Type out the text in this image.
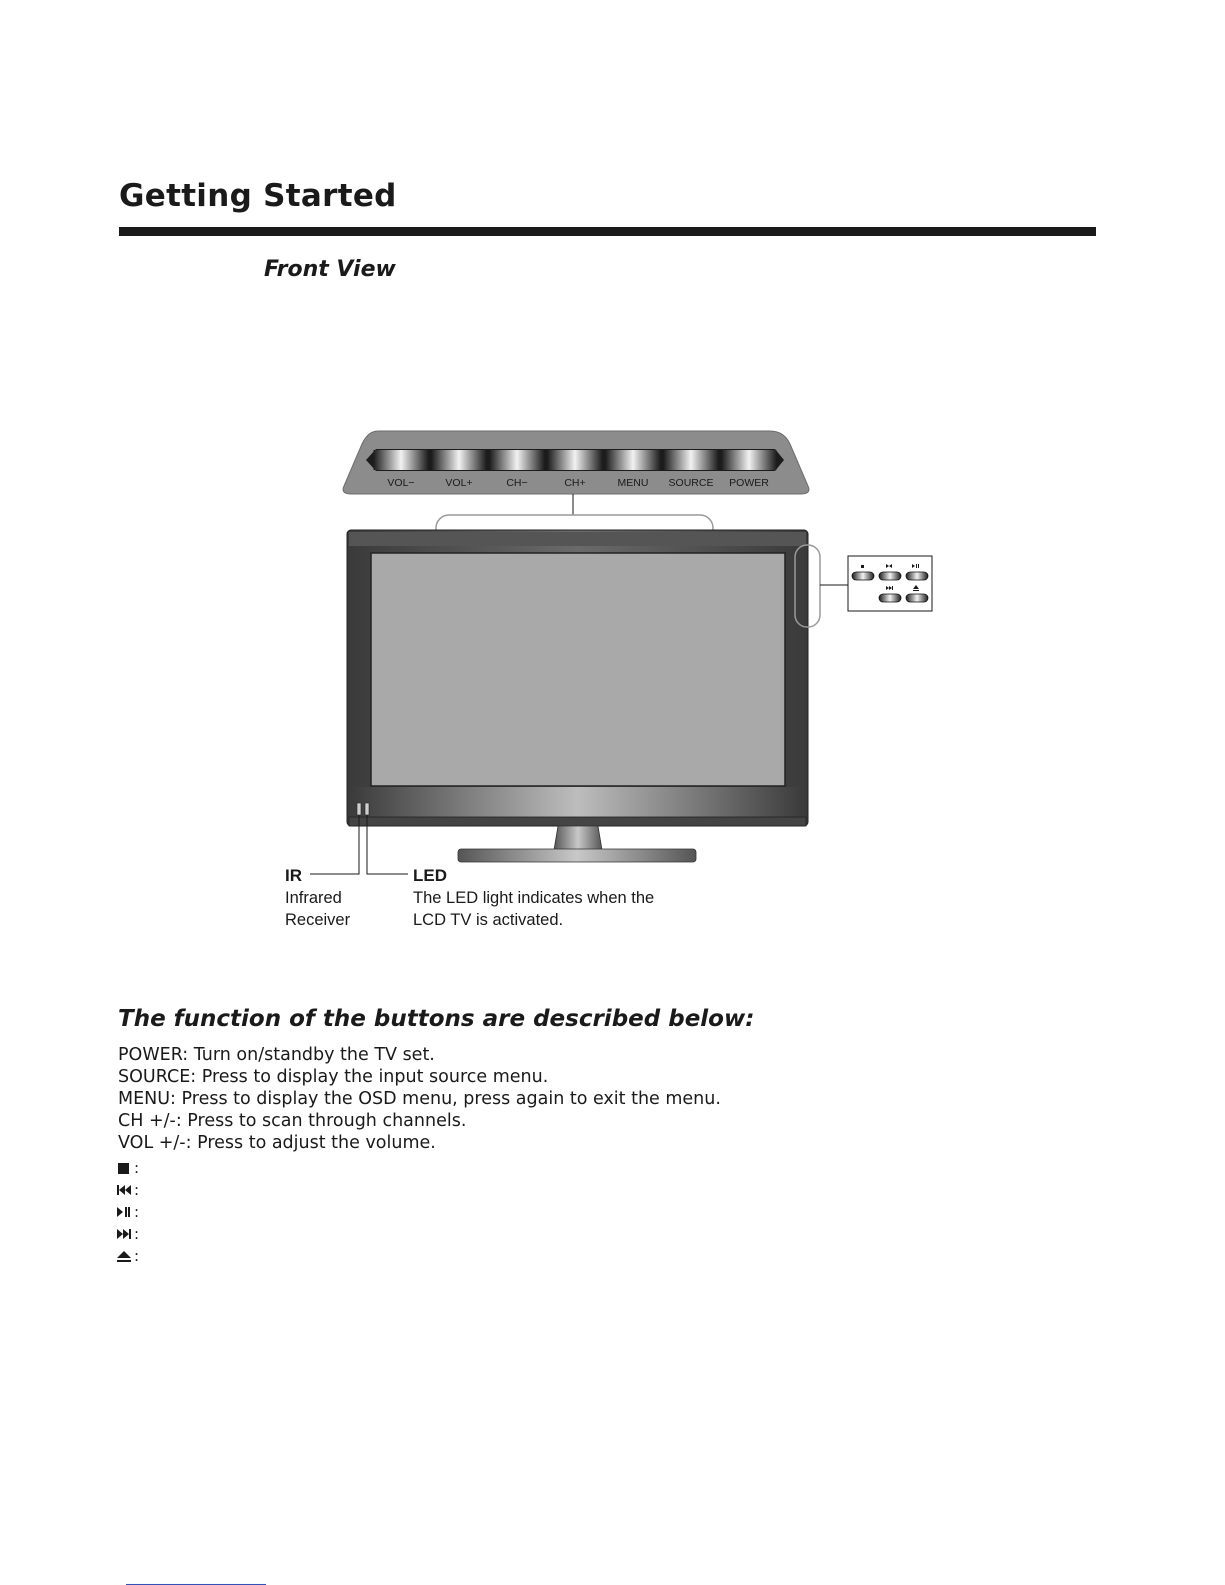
Getting Started
Front View
VOL−	VOL+	CH−	CH+	MENU SOURCE POWER
IR
Infrared
Receiver
LED
The LED light indicates when the
LCD TV is activated.
The function of the buttons are described below:
POWER: Turn on/standby the TV set.
SOURCE: Press to display the input source menu.
MENU: Press to display the OSD menu, press again to exit the menu.
CH +/-: Press to scan through channels.
VOL +/-: Press to adjust the volume.
:
:
:
:
:
